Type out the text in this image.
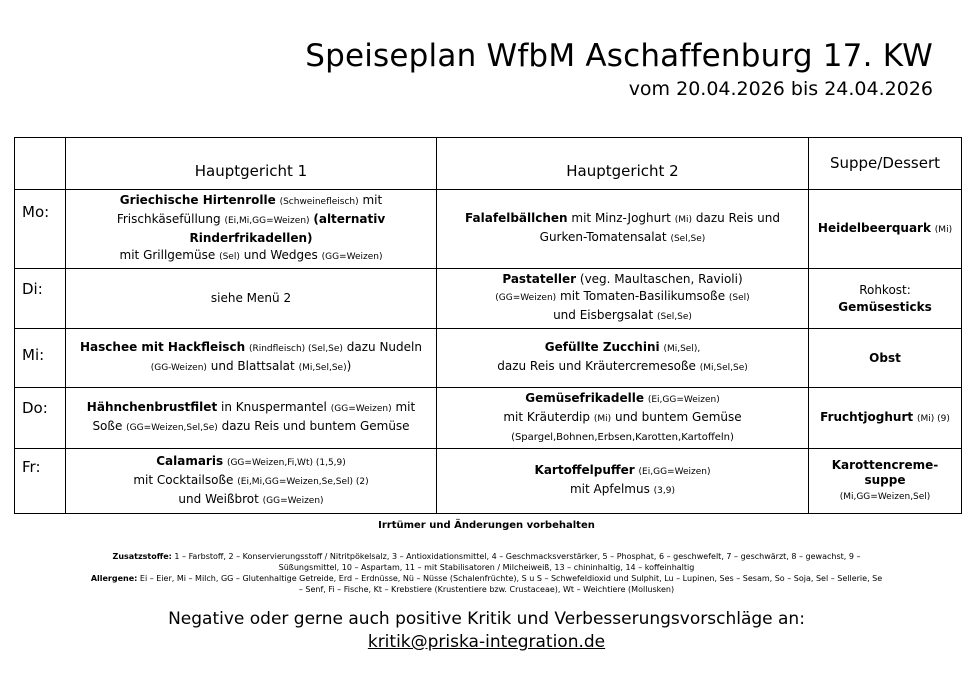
Speiseplan WfbM Aschaffenburg 17. KW
vom 20.04.2026 bis 24.04.2026
	Hauptgericht 1	Hauptgericht 2	Suppe/Dessert
Mo:	Griechische Hirtenrolle (Schweinefleisch) mit
Frischkäsefüllung (Ei,Mi,GG=Weizen) (alternativ Rinderfrikadellen)
mit Grillgemüse (Sel) und Wedges (GG=Weizen)	Falafelbällchen mit Minz-Joghurt (Mi) dazu Reis und
Gurken-Tomatensalat (Sel,Se)	Heidelbeerquark (Mi)
Di:	siehe Menü 2	Pastateller (veg. Maultaschen, Ravioli)
(GG=Weizen) mit Tomaten-Basilikumsoße (Sel)
und Eisbergsalat (Sel,Se)	Rohkost:
Gemüsesticks
Mi:	Haschee mit Hackfleisch (Rindfleisch) (Sel,Se) dazu Nudeln
(GG-Weizen) und Blattsalat (Mi,Sel,Se))	Gefüllte Zucchini (Mi,Sel),
dazu Reis und Kräutercremesoße (Mi,Sel,Se)	Obst
Do:	Hähnchenbrustfilet in Knuspermantel (GG=Weizen) mit
Soße (GG=Weizen,Sel,Se) dazu Reis und buntem Gemüse	Gemüsefrikadelle (Ei,GG=Weizen)
mit Kräuterdip (Mi) und buntem Gemüse
(Spargel,Bohnen,Erbsen,Karotten,Kartoffeln)	Fruchtjoghurt (Mi) (9)
Fr:	Calamaris (GG=Weizen,Fi,Wt) (1,5,9)
mit Cocktailsoße (Ei,Mi,GG=Weizen,Se,Sel) (2)
und Weißbrot (GG=Weizen)	Kartoffelpuffer (Ei,GG=Weizen)
mit Apfelmus (3,9)	Karottencreme-
suppe
(Mi,GG=Weizen,Sel)
Irrtümer und Änderungen vorbehalten
Zusatzstoffe: 1 – Farbstoff, 2 – Konservierungsstoff / Nitritpökelsalz, 3 – Antioxidationsmittel, 4 – Geschmacksverstärker, 5 – Phosphat, 6 – geschwefelt, 7 – geschwärzt, 8 – gewachst, 9 – Süßungsmittel, 10 – Aspartam, 11 – mit Stabilisatoren / Milcheiweiß, 13 – chininhaltig, 14 – koffeinhaltig
Allergene: Ei – Eier, Mi – Milch, GG – Glutenhaltige Getreide, Erd – Erdnüsse, Nü – Nüsse (Schalenfrüchte), S u S – Schwefeldioxid und Sulphit, Lu – Lupinen, Ses – Sesam, So – Soja, Sel – Sellerie, Se – Senf, Fi – Fische, Kt – Krebstiere (Krustentiere bzw. Crustaceae), Wt – Weichtiere (Mollusken)
Negative oder gerne auch positive Kritik und Verbesserungsvorschläge an:
kritik@priska-integration.de
